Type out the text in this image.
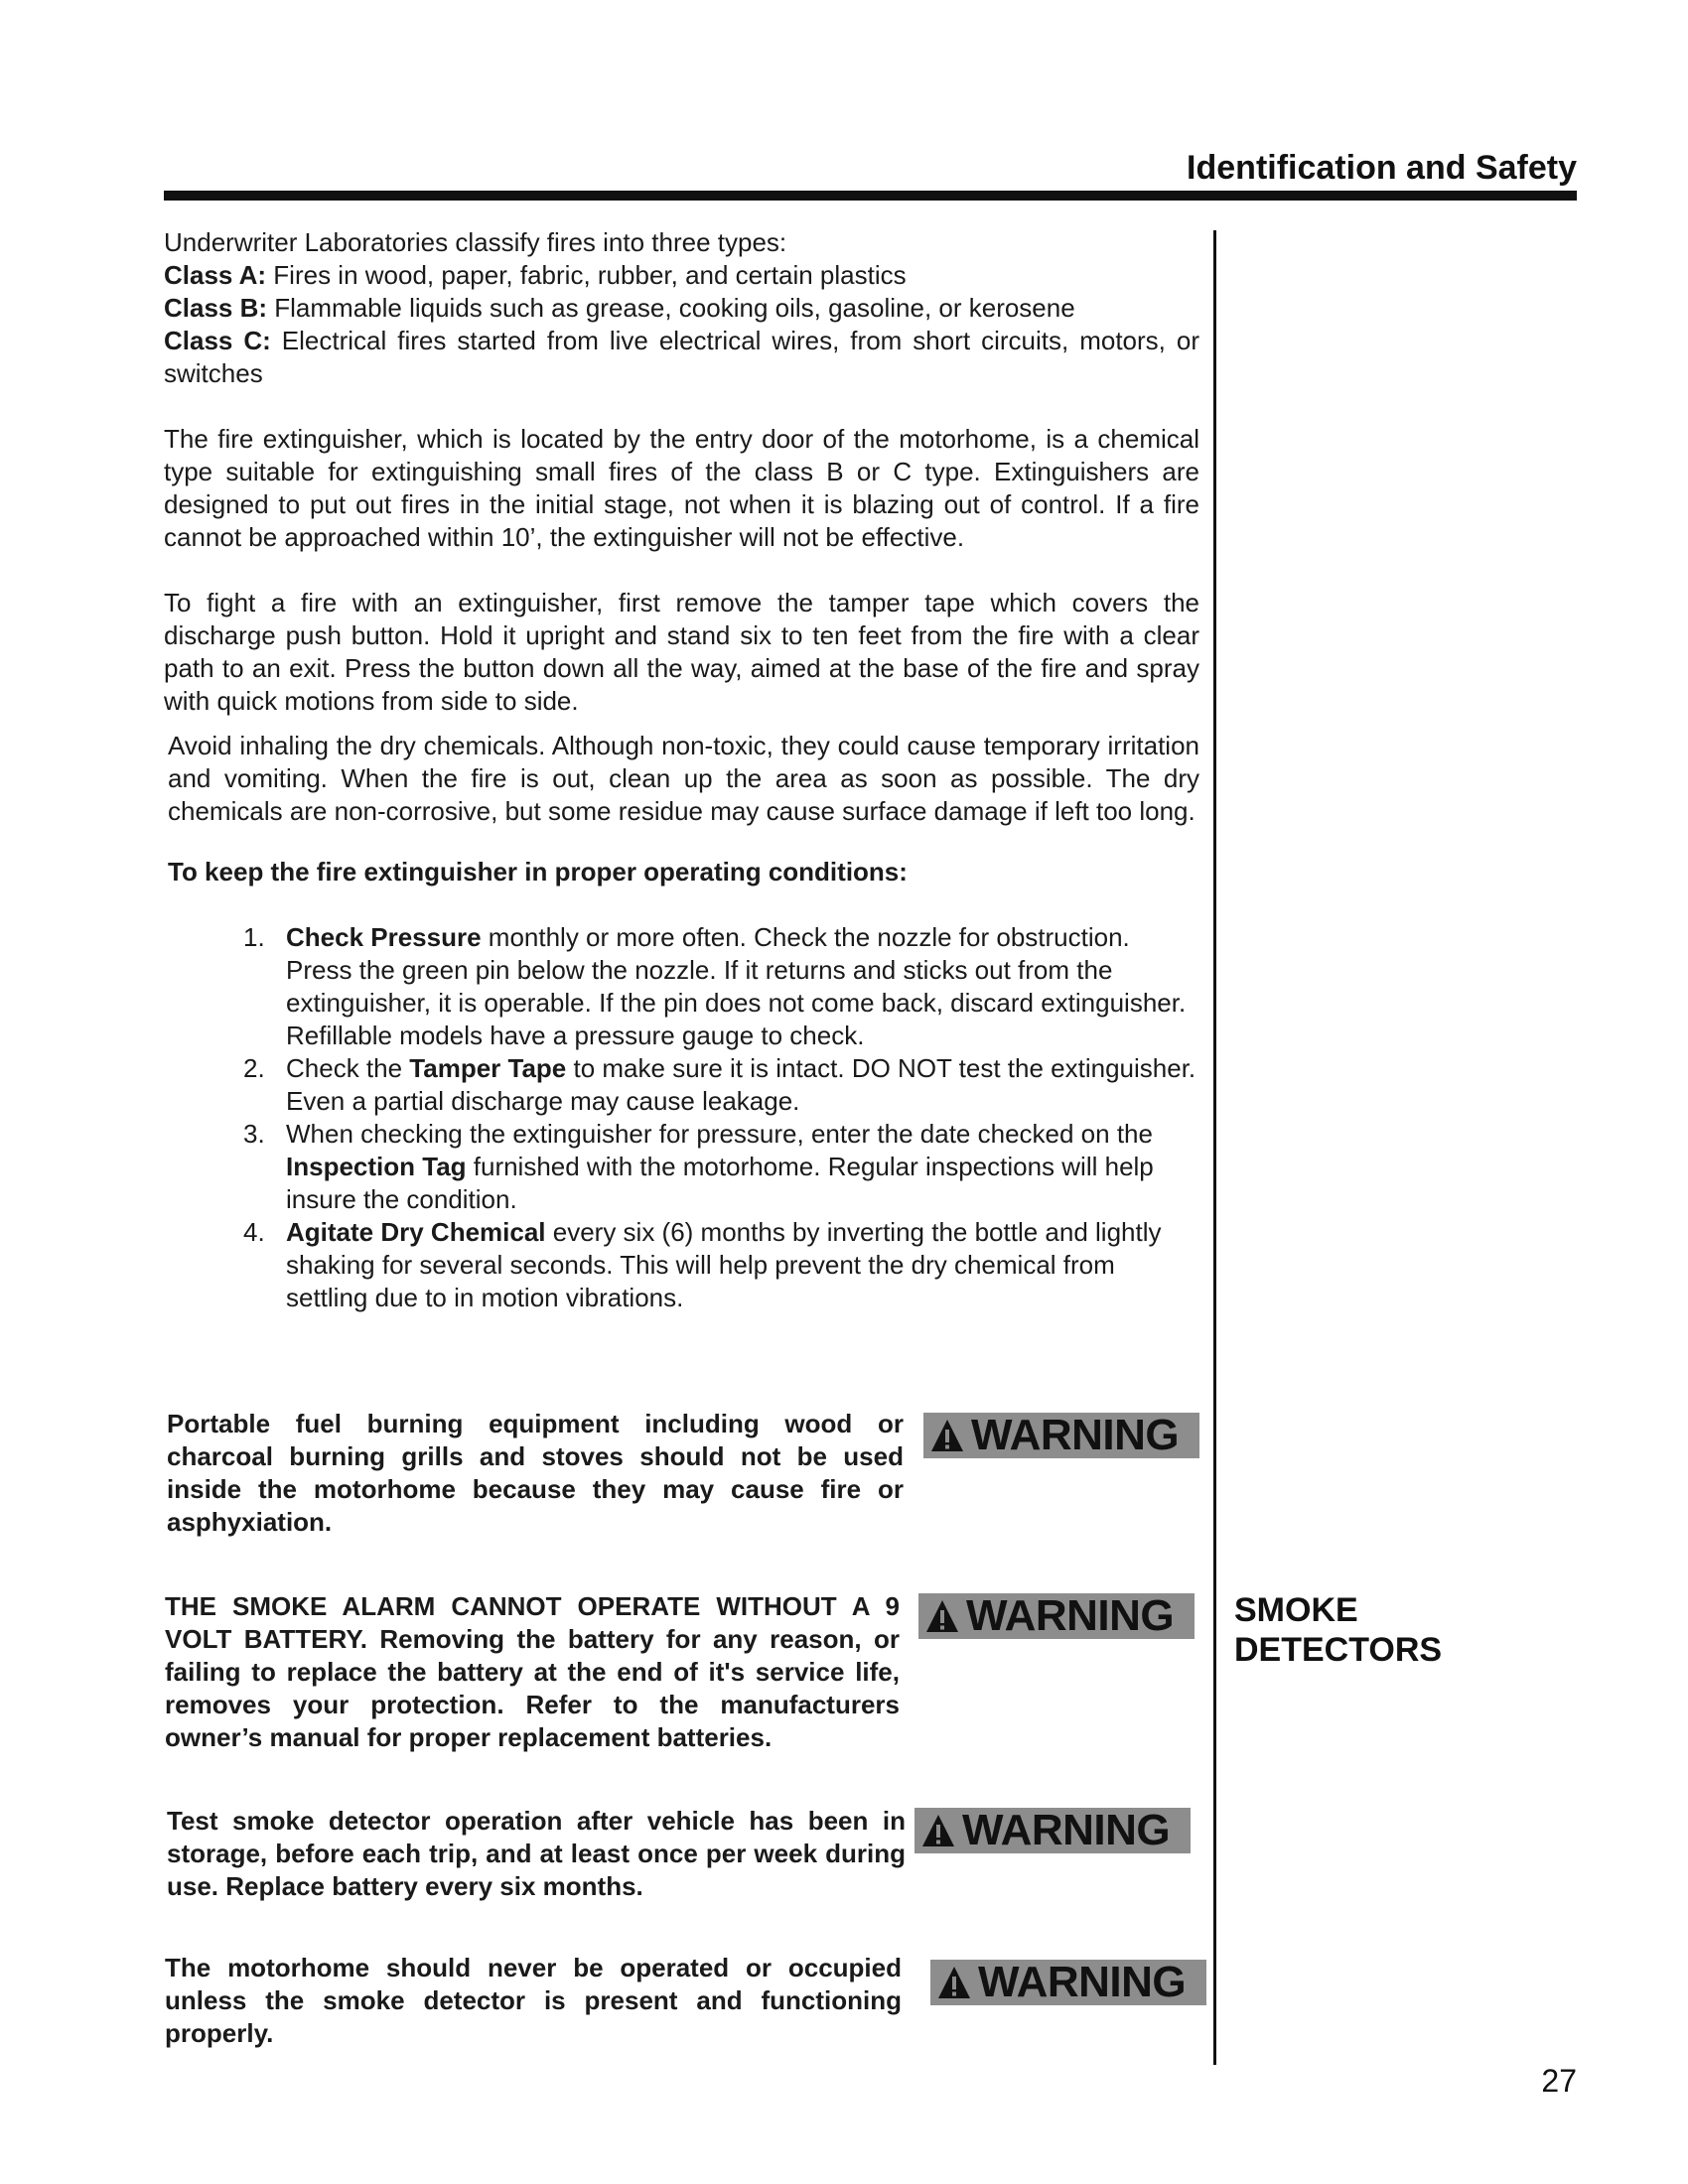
Identification and Safety

Underwriter Laboratories classify fires into three types:

Class A: Fires in wood, paper, fabric, rubber, and certain plastics

Class B: Flammable liquids such as grease, cooking oils, gasoline, or kerosene

Class C: Electrical fires started from live electrical wires, from short circuits, motors, or switches

The fire extinguisher, which is located by the entry door of the motorhome, is a chemical type suitable for extinguishing small fires of the class B or C type. Extinguishers are designed to put out fires in the initial stage, not when it is blazing out of control. If a fire cannot be approached within 10’, the extinguisher will not be effective.

To fight a fire with an extinguisher, first remove the tamper tape which covers the discharge push button. Hold it upright and stand six to ten feet from the fire with a clear path to an exit. Press the button down all the way, aimed at the base of the fire and spray with quick motions from side to side.

Avoid inhaling the dry chemicals. Although non-toxic, they could cause temporary irritation and vomiting. When the fire is out, clean up the area as soon as possible. The dry chemicals are non-corrosive, but some residue may cause surface damage if left too long.

To keep the fire extinguisher in proper operating conditions:

1. Check Pressure monthly or more often. Check the nozzle for obstruction. Press the green pin below the nozzle. If it returns and sticks out from the extinguisher, it is operable. If the pin does not come back, discard extinguisher. Refillable models have a pressure gauge to check.
2. Check the Tamper Tape to make sure it is intact. DO NOT test the extinguisher. Even a partial discharge may cause leakage.
3. When checking the extinguisher for pressure, enter the date checked on the Inspection Tag furnished with the motorhome. Regular inspections will help insure the condition.
4. Agitate Dry Chemical every six (6) months by inverting the bottle and lightly shaking for several seconds. This will help prevent the dry chemical from settling due to in motion vibrations.
Portable fuel burning equipment including wood or charcoal burning grills and stoves should not be used inside the motorhome because they may cause fire or asphyxiation.
WARNING
THE SMOKE ALARM CANNOT OPERATE WITHOUT A 9 VOLT BATTERY. Removing the battery for any reason, or failing to replace the battery at the end of it's service life, removes your protection. Refer to the manufacturers owner’s manual for proper replacement batteries.
WARNING
Test smoke detector operation after vehicle has been in storage, before each trip, and at least once per week during use. Replace battery every six months.
WARNING
The motorhome should never be operated or occupied unless the smoke detector is present and functioning properly.
WARNING
SMOKE DETECTORS
27
